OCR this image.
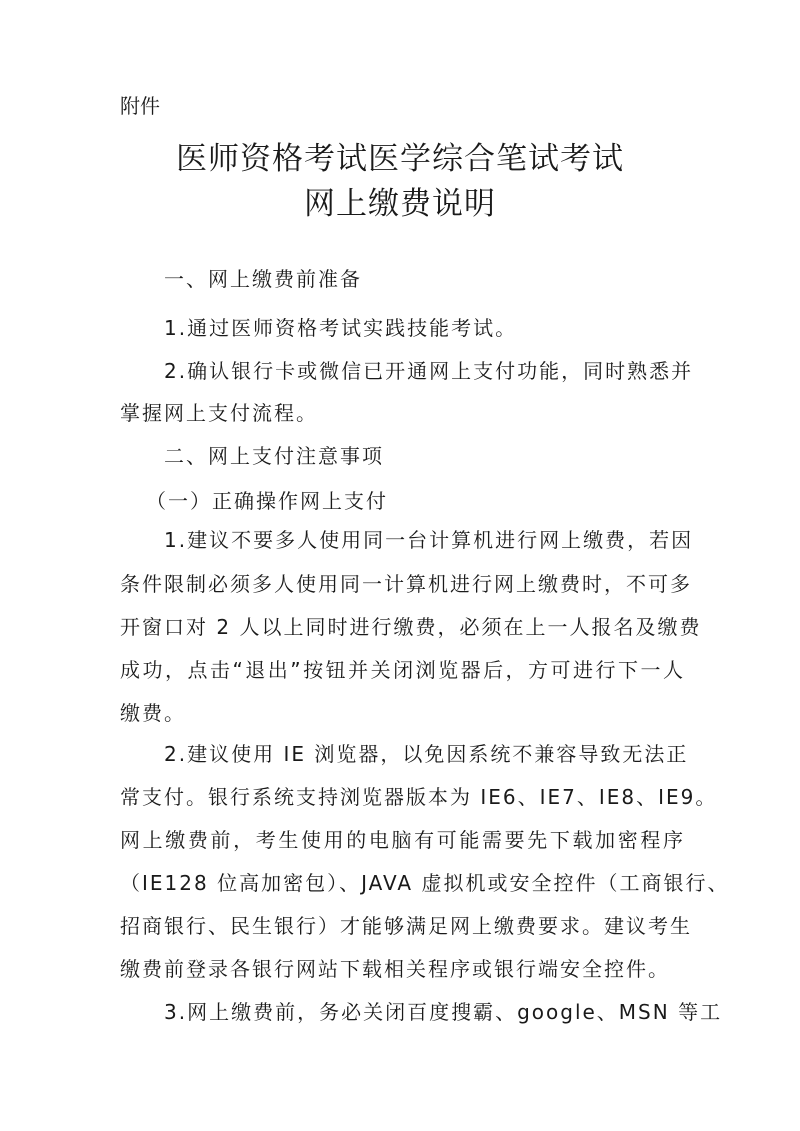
附件
医师资格考试医学综合笔试考试
网上缴费说明
一、网上缴费前准备
1.通过医师资格考试实践技能考试。
2.确认银行卡或微信已开通网上支付功能，同时熟悉并
掌握网上支付流程。
二、网上支付注意事项
（一）正确操作网上支付
1.建议不要多人使用同一台计算机进行网上缴费，若因
条件限制必须多人使用同一计算机进行网上缴费时，不可多
开窗口对 2 人以上同时进行缴费，必须在上一人报名及缴费
成功，点击“退出”按钮并关闭浏览器后，方可进行下一人
缴费。
2.建议使用 IE 浏览器，以免因系统不兼容导致无法正
常支付。银行系统支持浏览器版本为 IE6、IE7、IE8、IE9。
网上缴费前，考生使用的电脑有可能需要先下载加密程序
（IE128 位高加密包）、JAVA 虚拟机或安全控件（工商银行、
招商银行、民生银行）才能够满足网上缴费要求。建议考生
缴费前登录各银行网站下载相关程序或银行端安全控件。
3.网上缴费前，务必关闭百度搜霸、google、MSN 等工
